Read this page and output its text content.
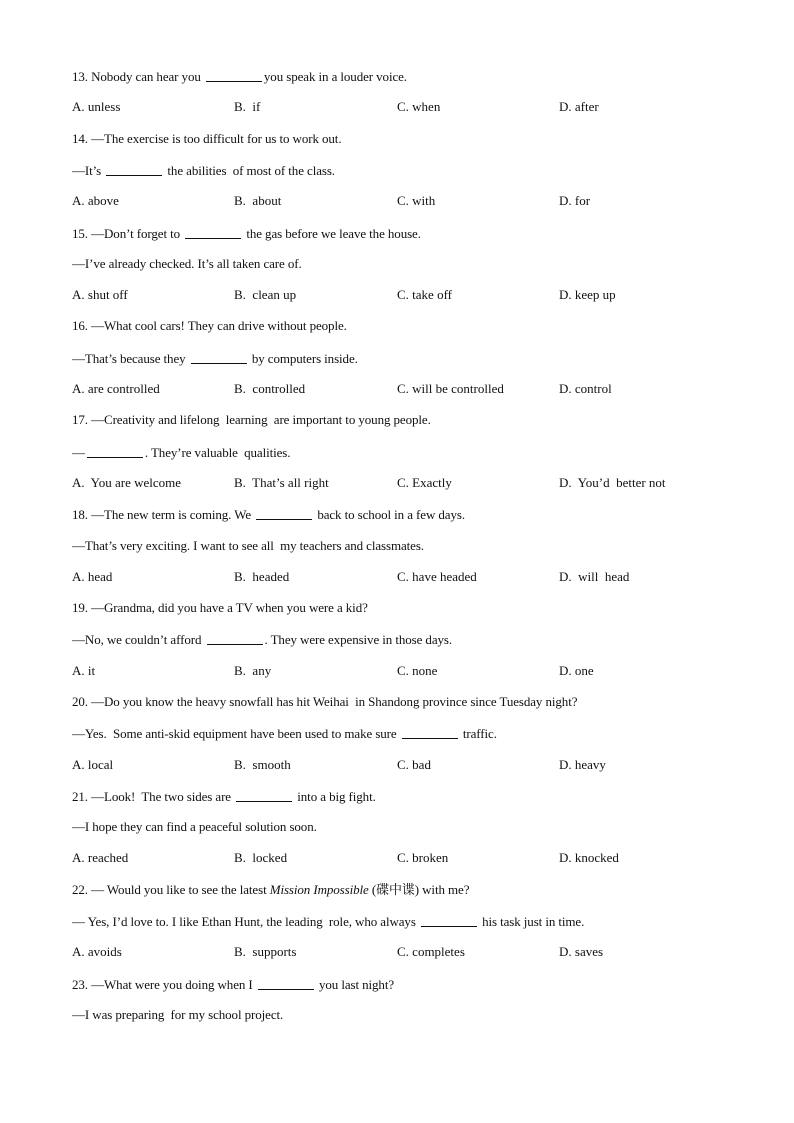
13. Nobody can hear you	you speak in a louder voice.
A. unless	B.  if	C. when	D. after
14. —The exercise is too difficult for us to work out.
—It’s	the abilities  of most of the class.
A. above	B.  about	C. with	D. for
15. —Don’t forget to	the gas before we leave the house.
—I’ve already checked. It’s all taken care of.
A. shut off	B.  clean up	C. take off	D. keep up
16. —What cool cars! They can drive without people.
—That’s because they	by computers inside.
A. are controlled	B.  controlled	C. will be controlled	D. control
17. —Creativity and lifelong  learning  are important to young people.
—	. They’re valuable  qualities.
A.  You are welcome	B.  That’s all right	C. Exactly	D.  You’d  better not
18. —The new term is coming. We	back to school in a few days.
—That’s very exciting. I want to see all  my teachers and classmates.
A. head	B.  headed	C. have headed	D.  will  head
19. —Grandma, did you have a TV when you were a kid?
—No, we couldn’t afford	. They were expensive in those days.
A. it	B.  any	C. none	D. one
20. —Do you know the heavy snowfall has hit Weihai  in Shandong province since Tuesday night?
—Yes.  Some anti-skid equipment have been used to make sure	traffic.
A. local	B.  smooth	C. bad	D. heavy
21. —Look!  The two sides are	into a big fight.
—I hope they can find a peaceful solution soon.
A. reached	B.  locked	C. broken	D. knocked
22. — Would you like to see the latest Mission Impossible (碟中谍) with me?
— Yes, I’d love to. I like Ethan Hunt, the leading  role, who always	his task just in time.
A. avoids	B.  supports	C. completes	D. saves
23. —What were you doing when I	you last night?
—I was preparing  for my school project.
